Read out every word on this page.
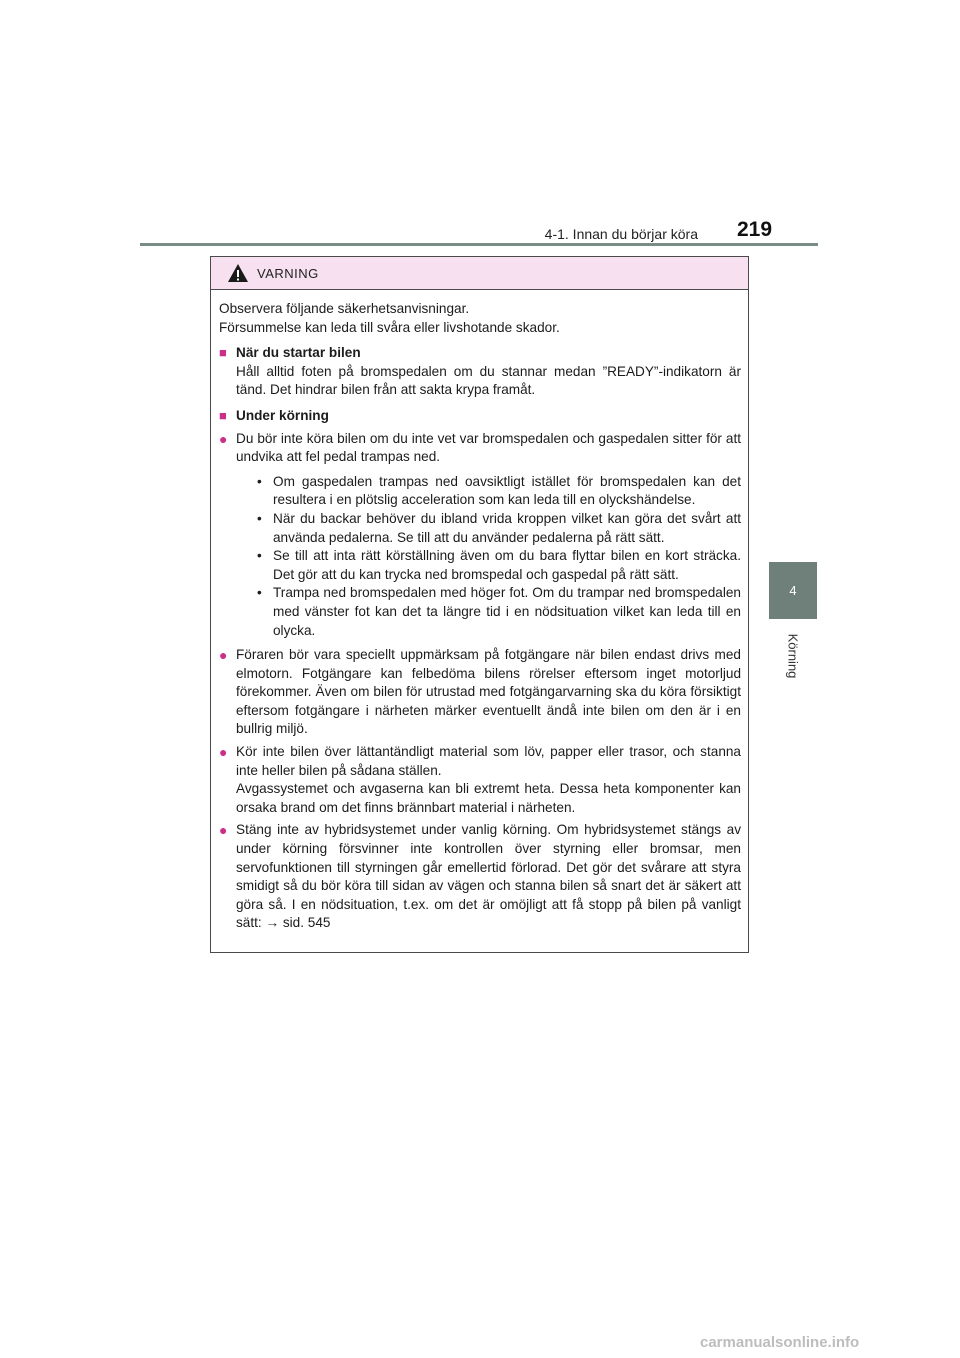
4-1. Innan du börjar köra 219
4
Körning
VARNING
Observera följande säkerhetsanvisningar.
Försummelse kan leda till svåra eller livshotande skador.
■ När du startar bilen
Håll alltid foten på bromspedalen om du stannar medan ”READY”-indikatorn är tänd. Det hindrar bilen från att sakta krypa framåt.
■ Under körning
● Du bör inte köra bilen om du inte vet var bromspedalen och gaspedalen sitter för att undvika att fel pedal trampas ned.

• Om gaspedalen trampas ned oavsiktligt istället för bromspedalen kan det resultera i en plötslig acceleration som kan leda till en olyckshändelse.
• När du backar behöver du ibland vrida kroppen vilket kan göra det svårt att använda pedalerna. Se till att du använder pedalerna på rätt sätt.
• Se till att inta rätt körställning även om du bara flyttar bilen en kort sträcka. Det gör att du kan trycka ned bromspedal och gaspedal på rätt sätt.
• Trampa ned bromspedalen med höger fot. Om du trampar ned bromspedalen med vänster fot kan det ta längre tid i en nödsituation vilket kan leda till en olycka.
● Föraren bör vara speciellt uppmärksam på fotgängare när bilen endast drivs med elmotorn. Fotgängare kan felbedöma bilens rörelser eftersom inget motorljud förekommer. Även om bilen för utrustad med fotgängarvarning ska du köra försiktigt eftersom fotgängare i närheten märker eventuellt ändå inte bilen om den är i en bullrig miljö.

● Kör inte bilen över lättantändligt material som löv, papper eller trasor, och stanna inte heller bilen på sådana ställen.

Avgassystemet och avgaserna kan bli extremt heta. Dessa heta komponenter kan orsaka brand om det finns brännbart material i närheten.

● Stäng inte av hybridsystemet under vanlig körning. Om hybridsystemet stängs av under körning försvinner inte kontrollen över styrning eller bromsar, men servofunktionen till styrningen går emellertid förlorad. Det gör det svårare att styra smidigt så du bör köra till sidan av vägen och stanna bilen så snart det är säkert att göra så. I en nödsituation, t.ex. om det är omöjligt att få stopp på bilen på vanligt sätt: → sid. 545

carmanualsonline.info
